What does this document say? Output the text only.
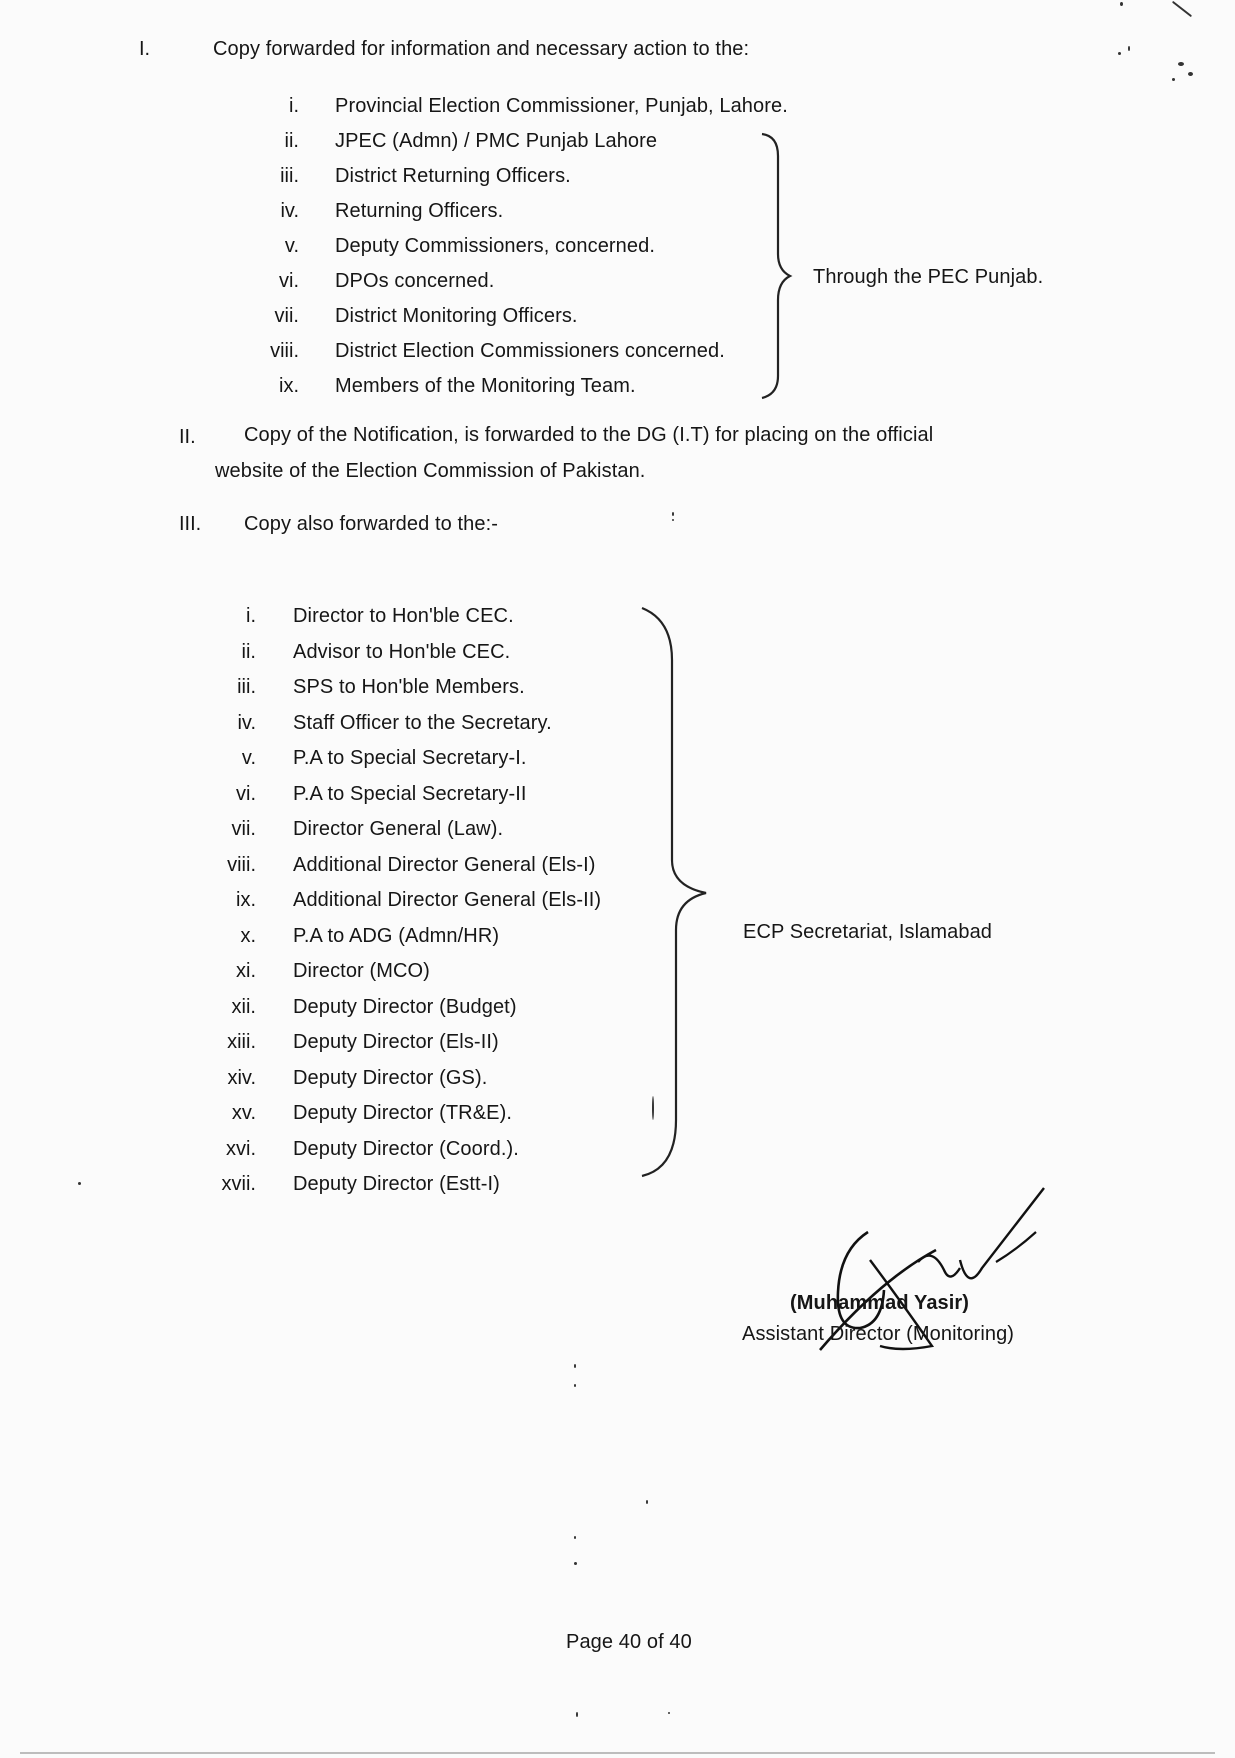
I.	Copy forwarded for information and necessary action to the:
i. Provincial Election Commissioner, Punjab, Lahore.
ii. JPEC (Admn) / PMC Punjab Lahore
iii. District Returning Officers.
iv. Returning Officers.
v. Deputy Commissioners, concerned.
vi. DPOs concerned.
vii. District Monitoring Officers.
viii. District Election Commissioners concerned.
ix. Members of the Monitoring Team.
Through the PEC Punjab.
II. Copy of the Notification, is forwarded to the DG (I.T) for placing on the official
website of the Election Commission of Pakistan.
III. Copy also forwarded to the:-
i. Director to Hon'ble CEC.
ii. Advisor to Hon'ble CEC.
iii. SPS to Hon'ble Members.
iv. Staff Officer to the Secretary.
v. P.A to Special Secretary-I.
vi. P.A to Special Secretary-II
vii. Director General (Law).
viii. Additional Director General (Els-I)
ix. Additional Director General (Els-II)
x. P.A to ADG (Admn/HR)
xi. Director (MCO)
xii. Deputy Director (Budget)
xiii. Deputy Director (Els-II)
xiv. Deputy Director (GS).
xv. Deputy Director (TR&E).
xvi. Deputy Director (Coord.).
xvii. Deputy Director (Estt-I)
ECP Secretariat, Islamabad
(Muhammad Yasir)
Assistant Director (Monitoring)
Page 40 of 40
